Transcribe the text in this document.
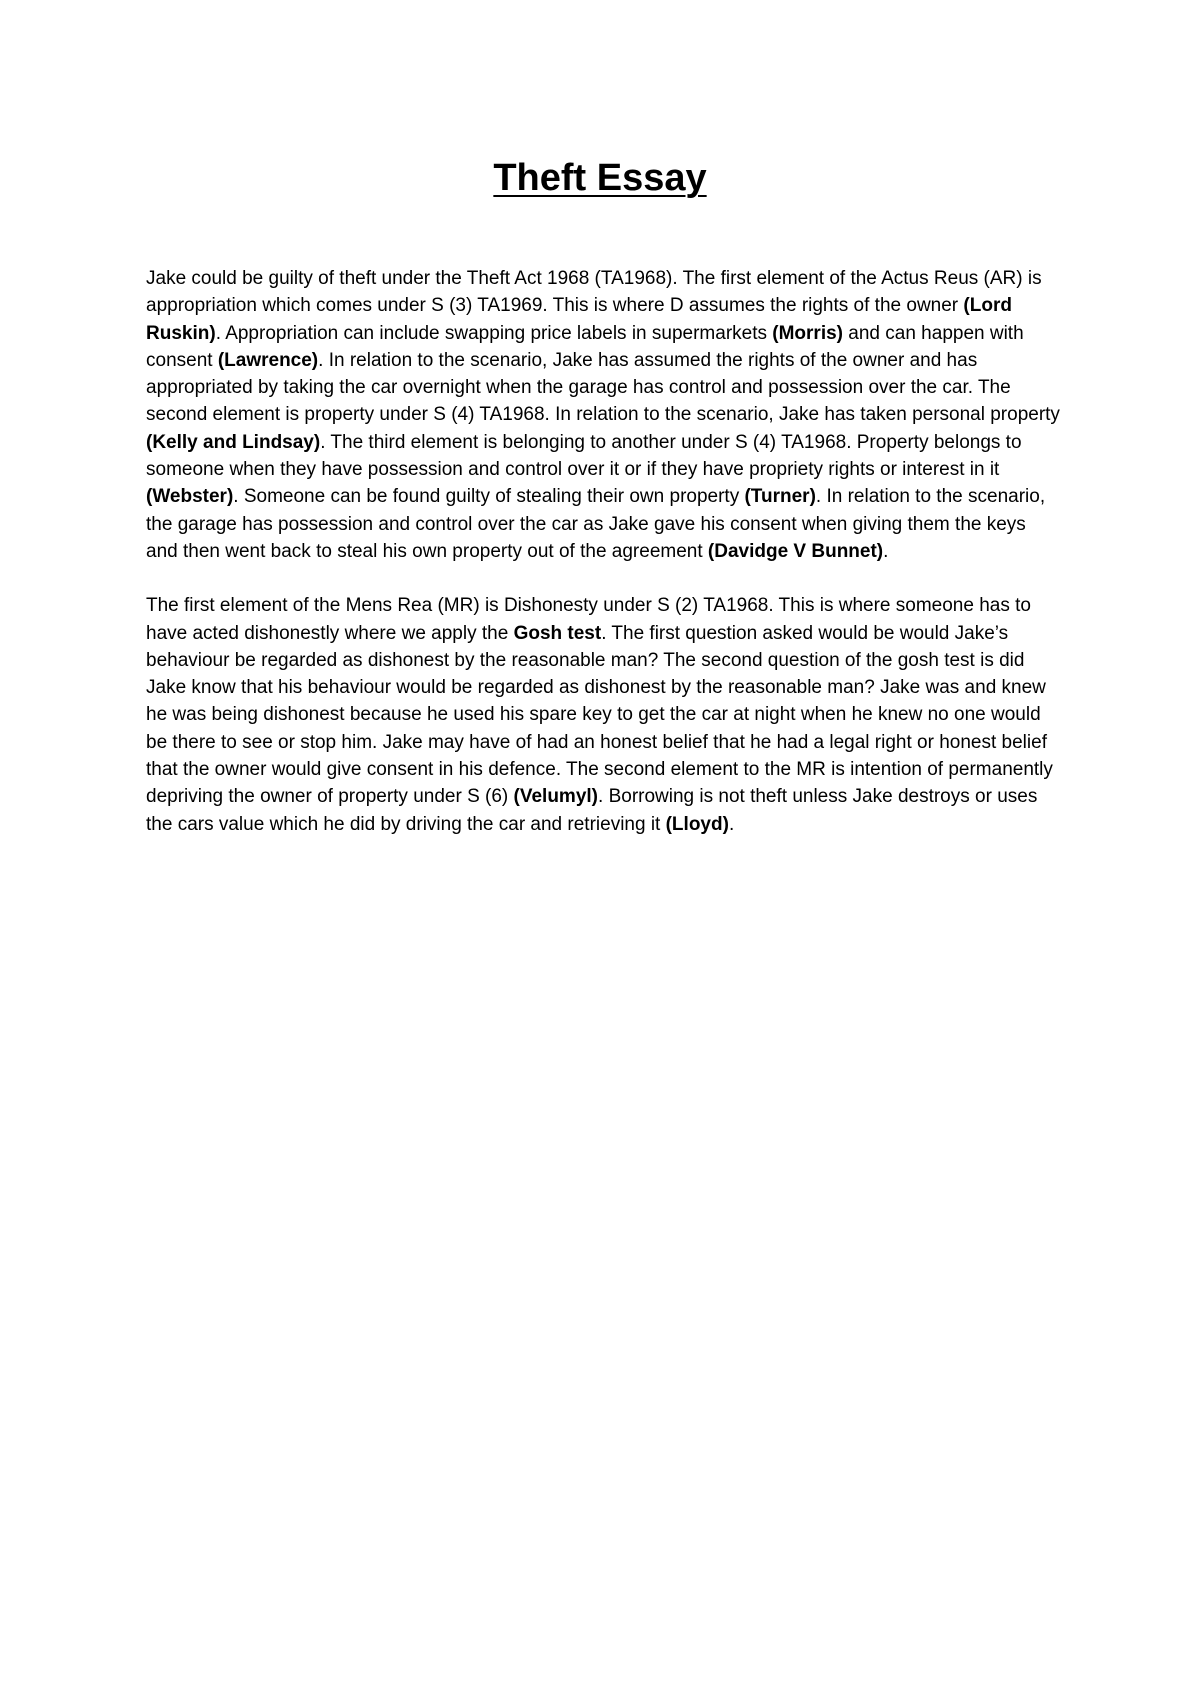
Theft Essay

Jake could be guilty of theft under the Theft Act 1968 (TA1968). The first element of the Actus Reus (AR) is appropriation which comes under S (3) TA1969. This is where D assumes the rights of the owner (Lord Ruskin). Appropriation can include swapping price labels in supermarkets (Morris) and can happen with consent (Lawrence). In relation to the scenario, Jake has assumed the rights of the owner and has appropriated by taking the car overnight when the garage has control and possession over the car. The second element is property under S (4) TA1968. In relation to the scenario, Jake has taken personal property (Kelly and Lindsay). The third element is belonging to another under S (4) TA1968. Property belongs to someone when they have possession and control over it or if they have propriety rights or interest in it (Webster). Someone can be found guilty of stealing their own property (Turner). In relation to the scenario, the garage has possession and control over the car as Jake gave his consent when giving them the keys and then went back to steal his own property out of the agreement (Davidge V Bunnet).

The first element of the Mens Rea (MR) is Dishonesty under S (2) TA1968. This is where someone has to have acted dishonestly where we apply the Gosh test. The first question asked would be would Jake’s behaviour be regarded as dishonest by the reasonable man? The second question of the gosh test is did Jake know that his behaviour would be regarded as dishonest by the reasonable man? Jake was and knew he was being dishonest because he used his spare key to get the car at night when he knew no one would be there to see or stop him. Jake may have of had an honest belief that he had a legal right or honest belief that the owner would give consent in his defence. The second element to the MR is intention of permanently depriving the owner of property under S (6) (Velumyl). Borrowing is not theft unless Jake destroys or uses the cars value which he did by driving the car and retrieving it (Lloyd).
